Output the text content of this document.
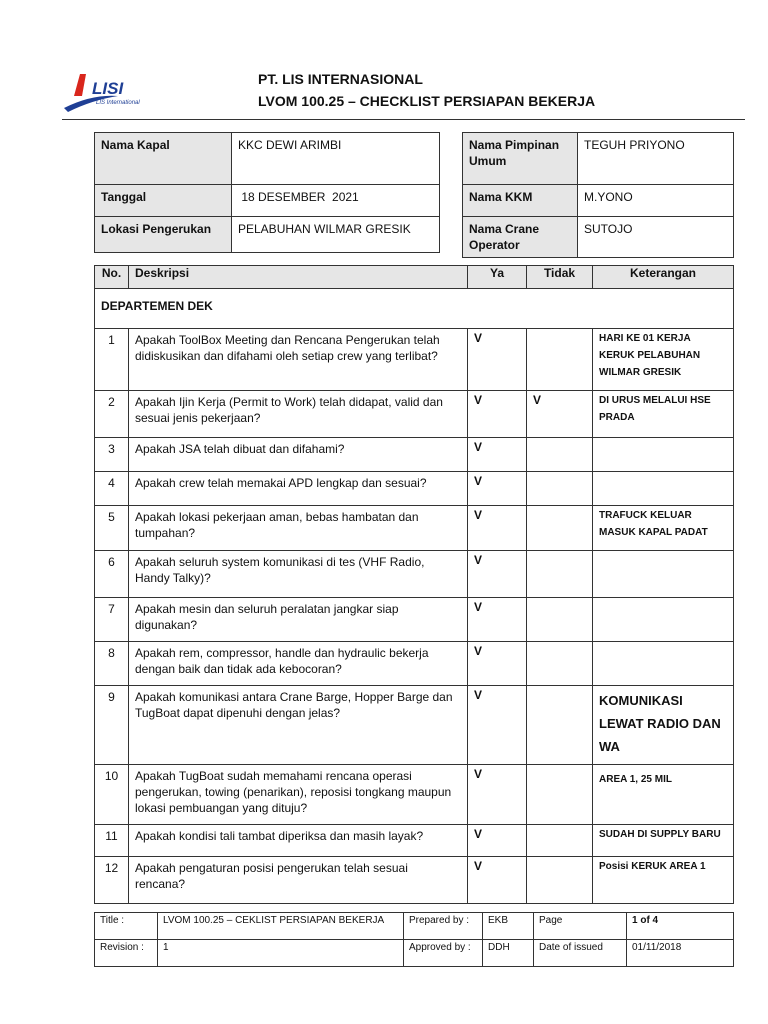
LISI
LIS International
PT. LIS INTERNASIONAL
LVOM 100.25 – CHECKLIST PERSIAPAN BEKERJA
Nama Kapal	KKC DEWI ARIMBI
Tanggal	18 DESEMBER  2021
Lokasi Pengerukan	PELABUHAN WILMAR GRESIK
Nama Pimpinan Umum	TEGUH PRIYONO
Nama KKM	M.YONO
Nama Crane Operator	SUTOJO
No.	Deskripsi	Ya	Tidak	Keterangan
DEPARTEMEN DEK				
1	Apakah ToolBox Meeting dan Rencana Pengerukan telah didiskusikan dan difahami oleh setiap crew yang terlibat?	V		HARI KE 01 KERJA KERUK PELABUHAN WILMAR GRESIK
2	Apakah Ijin Kerja (Permit to Work) telah didapat, valid dan sesuai jenis pekerjaan?	V	V	DI URUS MELALUI HSE PRADA
3	Apakah JSA telah dibuat dan difahami?	V		
4	Apakah crew telah memakai APD lengkap dan sesuai?	V		
5	Apakah lokasi pekerjaan aman, bebas hambatan dan tumpahan?	V		TRAFUCK KELUAR MASUK KAPAL PADAT
6	Apakah seluruh system komunikasi di tes (VHF Radio, Handy Talky)?	V		
7	Apakah mesin dan seluruh peralatan jangkar siap digunakan?	V		
8	Apakah rem, compressor, handle dan hydraulic bekerja dengan baik dan tidak ada kebocoran?	V		
9	Apakah komunikasi antara Crane Barge, Hopper Barge dan TugBoat dapat dipenuhi dengan jelas?	V		KOMUNIKASI LEWAT RADIO DAN WA
10	Apakah TugBoat sudah memahami rencana operasi pengerukan, towing (penarikan), reposisi tongkang maupun lokasi pembuangan yang dituju?	V		AREA 1, 25 MIL
11	Apakah kondisi tali tambat diperiksa dan masih layak?	V		SUDAH DI SUPPLY BARU
12	Apakah pengaturan posisi pengerukan telah sesuai rencana?	V		Posisi KERUK AREA 1
Title :	LVOM 100.25 – CEKLIST PERSIAPAN BEKERJA	Prepared by :	EKB	Page	1 of 4
Revision :	1	Approved by :	DDH	Date of issued	01/11/2018
